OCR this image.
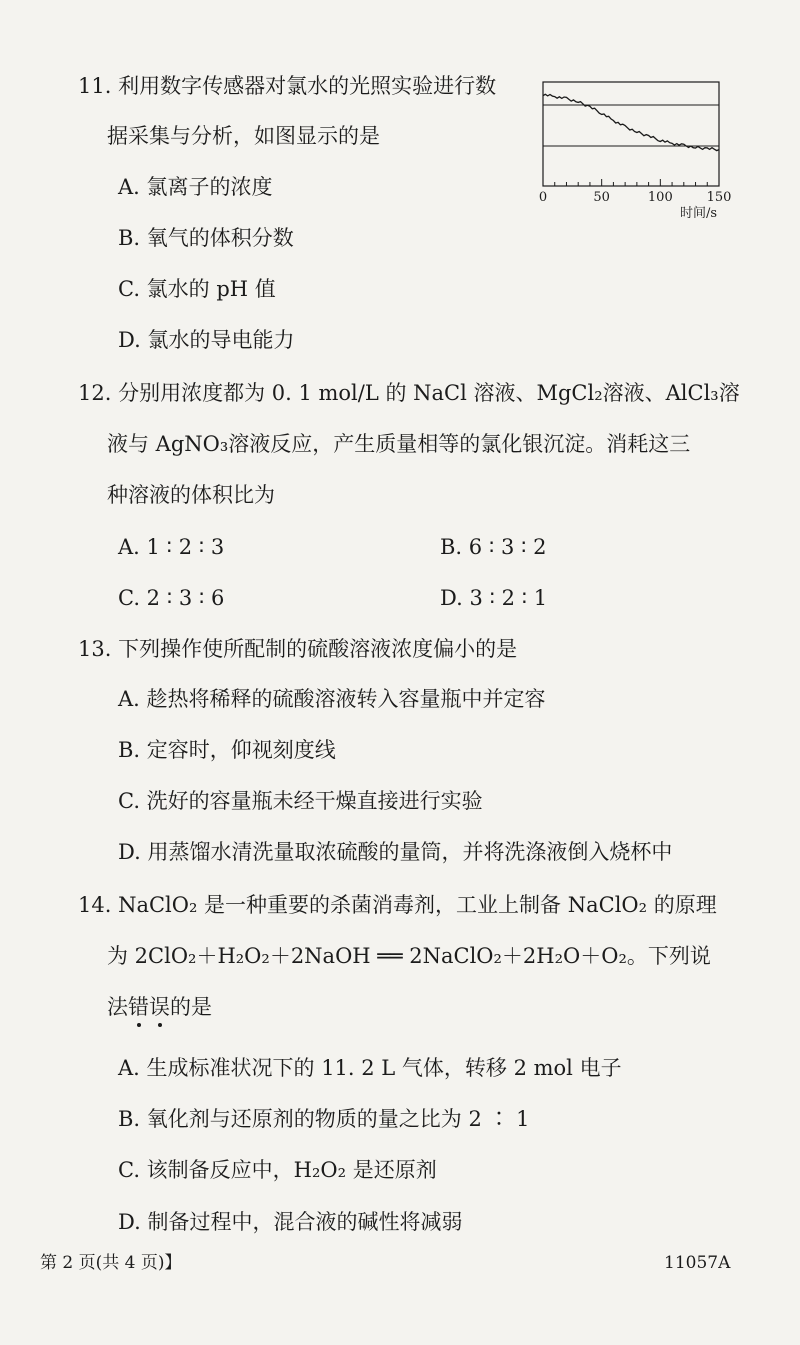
11. 利用数字传感器对氯水的光照实验进行数
据采集与分析，如图显示的是
A. 氯离子的浓度
B. 氧气的体积分数
C. 氯水的 pH 值
D. 氯水的导电能力
0	50	100	150
时间/s
12. 分别用浓度都为 0. 1 mol/L 的 NaCl 溶液、MgCl₂溶液、AlCl₃溶
液与 AgNO₃溶液反应，产生质量相等的氯化银沉淀。消耗这三
种溶液的体积比为
A. 1 ∶ 2 ∶ 3	B. 6 ∶ 3 ∶ 2
C. 2 ∶ 3 ∶ 6	D. 3 ∶ 2 ∶ 1
13. 下列操作使所配制的硫酸溶液浓度偏小的是
A. 趁热将稀释的硫酸溶液转入容量瓶中并定容
B. 定容时，仰视刻度线
C. 洗好的容量瓶未经干燥直接进行实验
D. 用蒸馏水清洗量取浓硫酸的量筒，并将洗涤液倒入烧杯中
14. NaClO₂ 是一种重要的杀菌消毒剂，工业上制备 NaClO₂ 的原理
为 2ClO₂＋H₂O₂＋2NaOH ══ 2NaClO₂＋2H₂O＋O₂。下列说
法错误的是
A. 生成标准状况下的 11. 2 L 气体，转移 2 mol 电子
B. 氧化剂与还原剂的物质的量之比为 2 ∶ 1
C. 该制备反应中，H₂O₂ 是还原剂
D. 制备过程中，混合液的碱性将减弱
第 2 页(共 4 页)】	11057A
